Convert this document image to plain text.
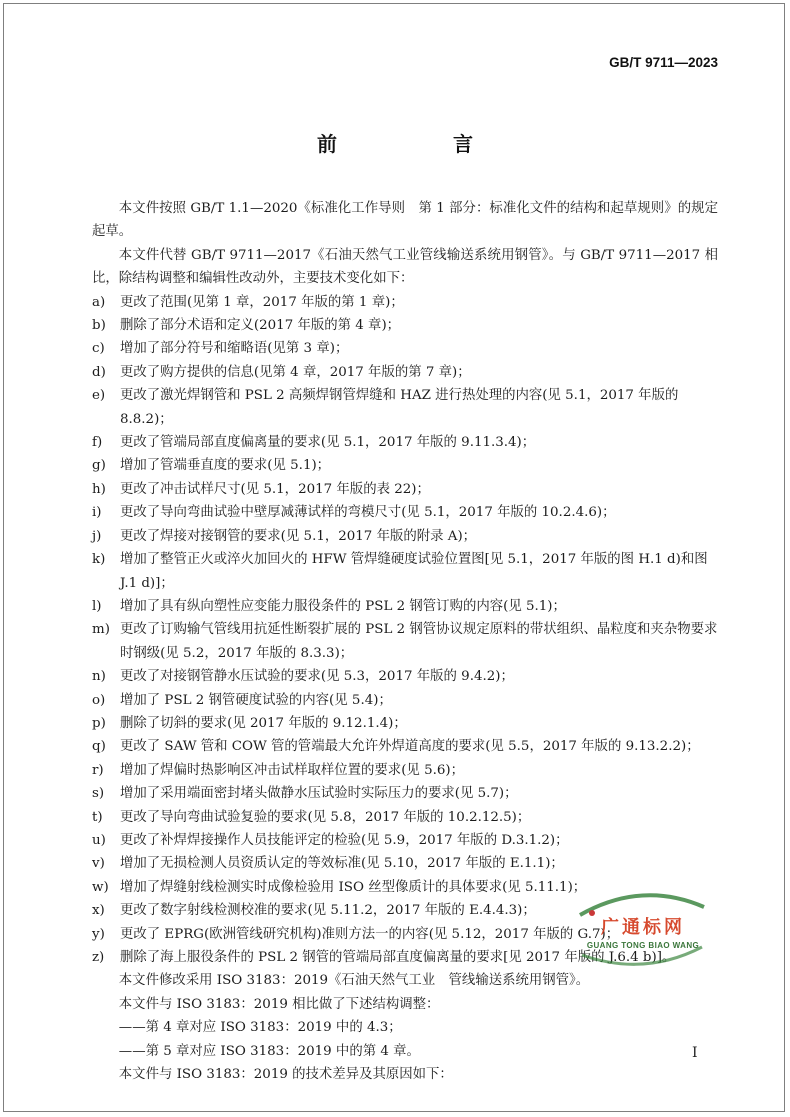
GB/T 9711—2023
前　言

本文件按照 GB/T 1.1—2020《标准化工作导则　第 1 部分：标准化文件的结构和起草规则》的规定起草。

本文件代替 GB/T 9711—2017《石油天然气工业管线输送系统用钢管》。与 GB/T 9711—2017 相比，除结构调整和编辑性改动外，主要技术变化如下：

a)	更改了范围(见第 1 章，2017 年版的第 1 章)；
b)	删除了部分术语和定义(2017 年版的第 4 章)；
c)	增加了部分符号和缩略语(见第 3 章)；
d)	更改了购方提供的信息(见第 4 章，2017 年版的第 7 章)；
e)	更改了激光焊钢管和 PSL 2 高频焊钢管焊缝和 HAZ 进行热处理的内容(见 5.1，2017 年版的 8.8.2)；
f)	更改了管端局部直度偏离量的要求(见 5.1，2017 年版的 9.11.3.4)；
g)	增加了管端垂直度的要求(见 5.1)；
h)	更改了冲击试样尺寸(见 5.1，2017 年版的表 22)；
i)	更改了导向弯曲试验中壁厚减薄试样的弯模尺寸(见 5.1，2017 年版的 10.2.4.6)；
j)	更改了焊接对接钢管的要求(见 5.1，2017 年版的附录 A)；
k)	增加了整管正火或淬火加回火的 HFW 管焊缝硬度试验位置图[见 5.1，2017 年版的图 H.1 d)和图 J.1 d)]；
l)	增加了具有纵向塑性应变能力服役条件的 PSL 2 钢管订购的内容(见 5.1)；
m) 更改了订购输气管线用抗延性断裂扩展的 PSL 2 钢管协议规定原料的带状组织、晶粒度和夹杂物要求时钢级(见 5.2，2017 年版的 8.3.3)；
n)	更改了对接钢管静水压试验的要求(见 5.3，2017 年版的 9.4.2)；
o)	增加了 PSL 2 钢管硬度试验的内容(见 5.4)；
p)	删除了切斜的要求(见 2017 年版的 9.12.1.4)；
q)	更改了 SAW 管和 COW 管的管端最大允许外焊道高度的要求(见 5.5，2017 年版的 9.13.2.2)；
r)	增加了焊偏时热影响区冲击试样取样位置的要求(见 5.6)；
s)	增加了采用端面密封堵头做静水压试验时实际压力的要求(见 5.7)；
t)	更改了导向弯曲试验复验的要求(见 5.8，2017 年版的 10.2.12.5)；
u)	更改了补焊焊接操作人员技能评定的检验(见 5.9，2017 年版的 D.3.1.2)；
v)	增加了无损检测人员资质认定的等效标准(见 5.10，2017 年版的 E.1.1)；
w) 增加了焊缝射线检测实时成像检验用 ISO 丝型像质计的具体要求(见 5.11.1)；
x)	更改了数字射线检测校准的要求(见 5.11.2，2017 年版的 E.4.4.3)；
y)	更改了 EPRG(欧洲管线研究机构)准则方法一的内容(见 5.12，2017 年版的 G.7)；
z)	删除了海上服役条件的 PSL 2 钢管的管端局部直度偏离量的要求[见 2017 年版的 J.6.4 b)]。

本文件修改采用 ISO 3183：2019《石油天然气工业　管线输送系统用钢管》。

本文件与 ISO 3183：2019 相比做了下述结构调整：

——第 4 章对应 ISO 3183：2019 中的 4.3；

——第 5 章对应 ISO 3183：2019 中的第 4 章。

本文件与 ISO 3183：2019 的技术差异及其原因如下：

I
广通标网
GUANG TONG BIAO WANG
